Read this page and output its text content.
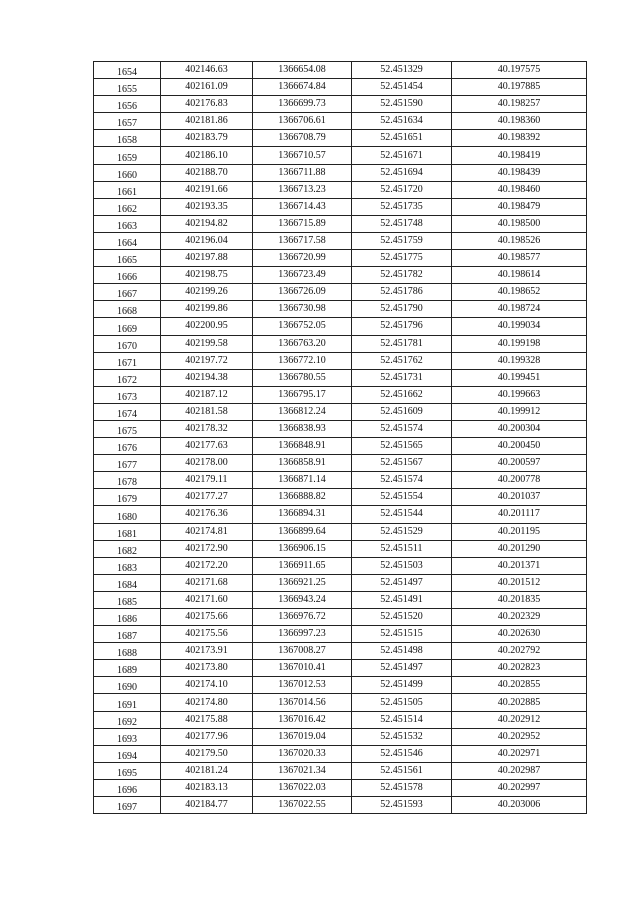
1654	402146.63	1366654.08	52.451329	40.197575
1655	402161.09	1366674.84	52.451454	40.197885
1656	402176.83	1366699.73	52.451590	40.198257
1657	402181.86	1366706.61	52.451634	40.198360
1658	402183.79	1366708.79	52.451651	40.198392
1659	402186.10	1366710.57	52.451671	40.198419
1660	402188.70	1366711.88	52.451694	40.198439
1661	402191.66	1366713.23	52.451720	40.198460
1662	402193.35	1366714.43	52.451735	40.198479
1663	402194.82	1366715.89	52.451748	40.198500
1664	402196.04	1366717.58	52.451759	40.198526
1665	402197.88	1366720.99	52.451775	40.198577
1666	402198.75	1366723.49	52.451782	40.198614
1667	402199.26	1366726.09	52.451786	40.198652
1668	402199.86	1366730.98	52.451790	40.198724
1669	402200.95	1366752.05	52.451796	40.199034
1670	402199.58	1366763.20	52.451781	40.199198
1671	402197.72	1366772.10	52.451762	40.199328
1672	402194.38	1366780.55	52.451731	40.199451
1673	402187.12	1366795.17	52.451662	40.199663
1674	402181.58	1366812.24	52.451609	40.199912
1675	402178.32	1366838.93	52.451574	40.200304
1676	402177.63	1366848.91	52.451565	40.200450
1677	402178.00	1366858.91	52.451567	40.200597
1678	402179.11	1366871.14	52.451574	40.200778
1679	402177.27	1366888.82	52.451554	40.201037
1680	402176.36	1366894.31	52.451544	40.201117
1681	402174.81	1366899.64	52.451529	40.201195
1682	402172.90	1366906.15	52.451511	40.201290
1683	402172.20	1366911.65	52.451503	40.201371
1684	402171.68	1366921.25	52.451497	40.201512
1685	402171.60	1366943.24	52.451491	40.201835
1686	402175.66	1366976.72	52.451520	40.202329
1687	402175.56	1366997.23	52.451515	40.202630
1688	402173.91	1367008.27	52.451498	40.202792
1689	402173.80	1367010.41	52.451497	40.202823
1690	402174.10	1367012.53	52.451499	40.202855
1691	402174.80	1367014.56	52.451505	40.202885
1692	402175.88	1367016.42	52.451514	40.202912
1693	402177.96	1367019.04	52.451532	40.202952
1694	402179.50	1367020.33	52.451546	40.202971
1695	402181.24	1367021.34	52.451561	40.202987
1696	402183.13	1367022.03	52.451578	40.202997
1697	402184.77	1367022.55	52.451593	40.203006
